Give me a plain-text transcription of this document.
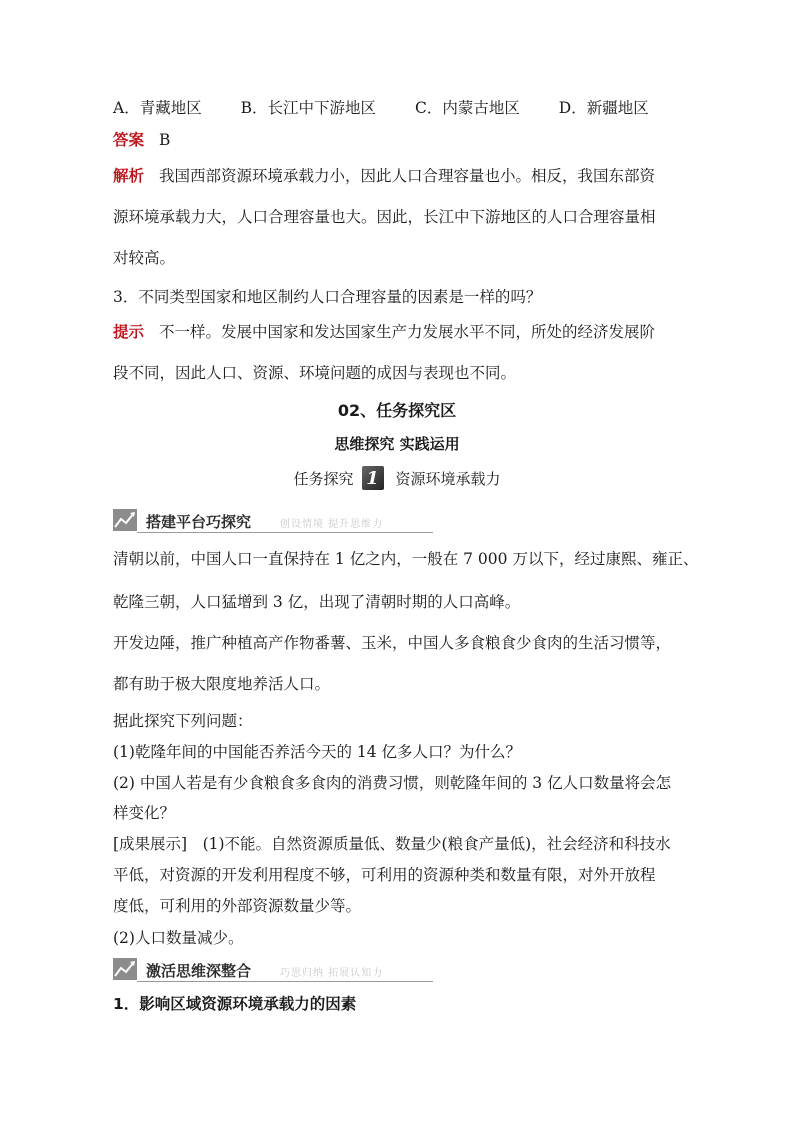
A．青藏地区	B．长江中下游地区	C．内蒙古地区	D．新疆地区
答案 B
解析 我国西部资源环境承载力小，因此人口合理容量也小。相反，我国东部资
源环境承载力大，人口合理容量也大。因此，长江中下游地区的人口合理容量相
对较高。
3．不同类型国家和地区制约人口合理容量的因素是一样的吗？
提示 不一样。发展中国家和发达国家生产力发展水平不同，所处的经济发展阶
段不同，因此人口、资源、环境问题的成因与表现也不同。
02、任务探究区
思维探究 实践运用
任务探究 1	资源环境承载力
搭建平台巧探究	创设情境 提升思维力
清朝以前，中国人口一直保持在 1 亿之内，一般在 7 000 万以下，经过康熙、雍正、
乾隆三朝，人口猛增到 3 亿，出现了清朝时期的人口高峰。
开发边陲，推广种植高产作物番薯、玉米，中国人多食粮食少食肉的生活习惯等，
都有助于极大限度地养活人口。
据此探究下列问题：
(1)乾隆年间的中国能否养活今天的 14 亿多人口？为什么？
(2) 中国人若是有少食粮食多食肉的消费习惯，则乾隆年间的 3 亿人口数量将会怎
样变化？
[成果展示]　(1)不能。自然资源质量低、数量少(粮食产量低)，社会经济和科技水
平低，对资源的开发利用程度不够，可利用的资源种类和数量有限，对外开放程
度低，可利用的外部资源数量少等。
(2)人口数量减少。
激活思维深整合	巧思归纳 拓展认知力
1．影响区域资源环境承载力的因素
